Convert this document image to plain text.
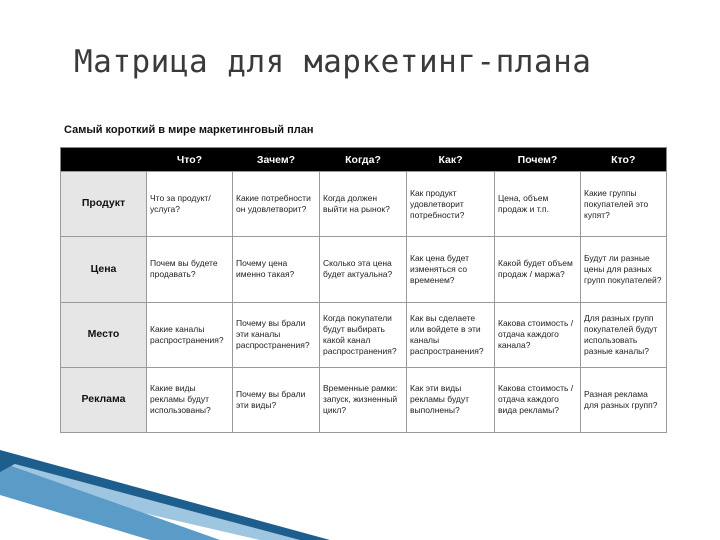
Матрица для маркетинг-плана
Самый короткий в мире маркетинговый план
	Что?	Зачем?	Когда?	Как?	Почем?	Кто?
Продукт	Что за продукт/услуга?	Какие потребности он удовлетворит?	Когда должен выйти на рынок?	Как продукт удовлетворит потребности?	Цена, объем продаж и т.п.	Какие группы покупателей это купят?
Цена	Почем вы будете продавать?	Почему цена именно такая?	Сколько эта цена будет актуальна?	Как цена будет изменяться со временем?	Какой будет объем продаж / маржа?	Будут ли разные цены для разных групп покупателей?
Место	Какие каналы распространения?	Почему вы брали эти каналы распространения?	Когда покупатели будут выбирать какой канал распространения?	Как вы сделаете или войдете в эти каналы распространения?	Какова стоимость / отдача каждого канала?	Для разных групп покупателей будут использовать разные каналы?
Реклама	Какие виды рекламы будут использованы?	Почему вы брали эти виды?	Временные рамки: запуск, жизненный цикл?	Как эти виды рекламы будут выполнены?	Какова стоимость / отдача каждого вида рекламы?	Разная реклама для разных групп?
